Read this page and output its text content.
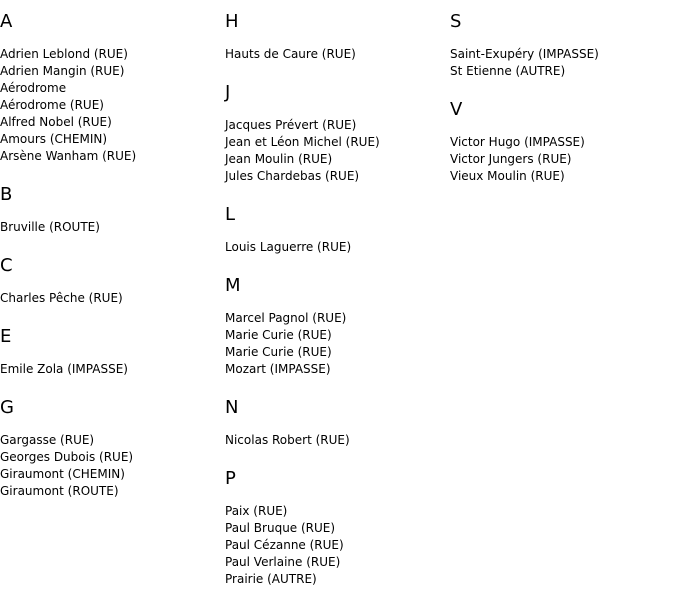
A
Adrien Leblond (RUE)
Adrien Mangin (RUE)
Aérodrome
Aérodrome (RUE)
Alfred Nobel (RUE)
Amours (CHEMIN)
Arsène Wanham (RUE)
B
Bruville (ROUTE)
C
Charles Pêche (RUE)
E
Emile Zola (IMPASSE)
G
Gargasse (RUE)
Georges Dubois (RUE)
Giraumont (CHEMIN)
Giraumont (ROUTE)
H
Hauts de Caure (RUE)
J
Jacques Prévert (RUE)
Jean et Léon Michel (RUE)
Jean Moulin (RUE)
Jules Chardebas (RUE)
L
Louis Laguerre (RUE)
M
Marcel Pagnol (RUE)
Marie Curie (RUE)
Marie Curie (RUE)
Mozart (IMPASSE)
N
Nicolas Robert (RUE)
P
Paix (RUE)
Paul Bruque (RUE)
Paul Cézanne (RUE)
Paul Verlaine (RUE)
Prairie (AUTRE)
S
Saint-Exupéry (IMPASSE)
St Etienne (AUTRE)
V
Victor Hugo (IMPASSE)
Victor Jungers (RUE)
Vieux Moulin (RUE)
